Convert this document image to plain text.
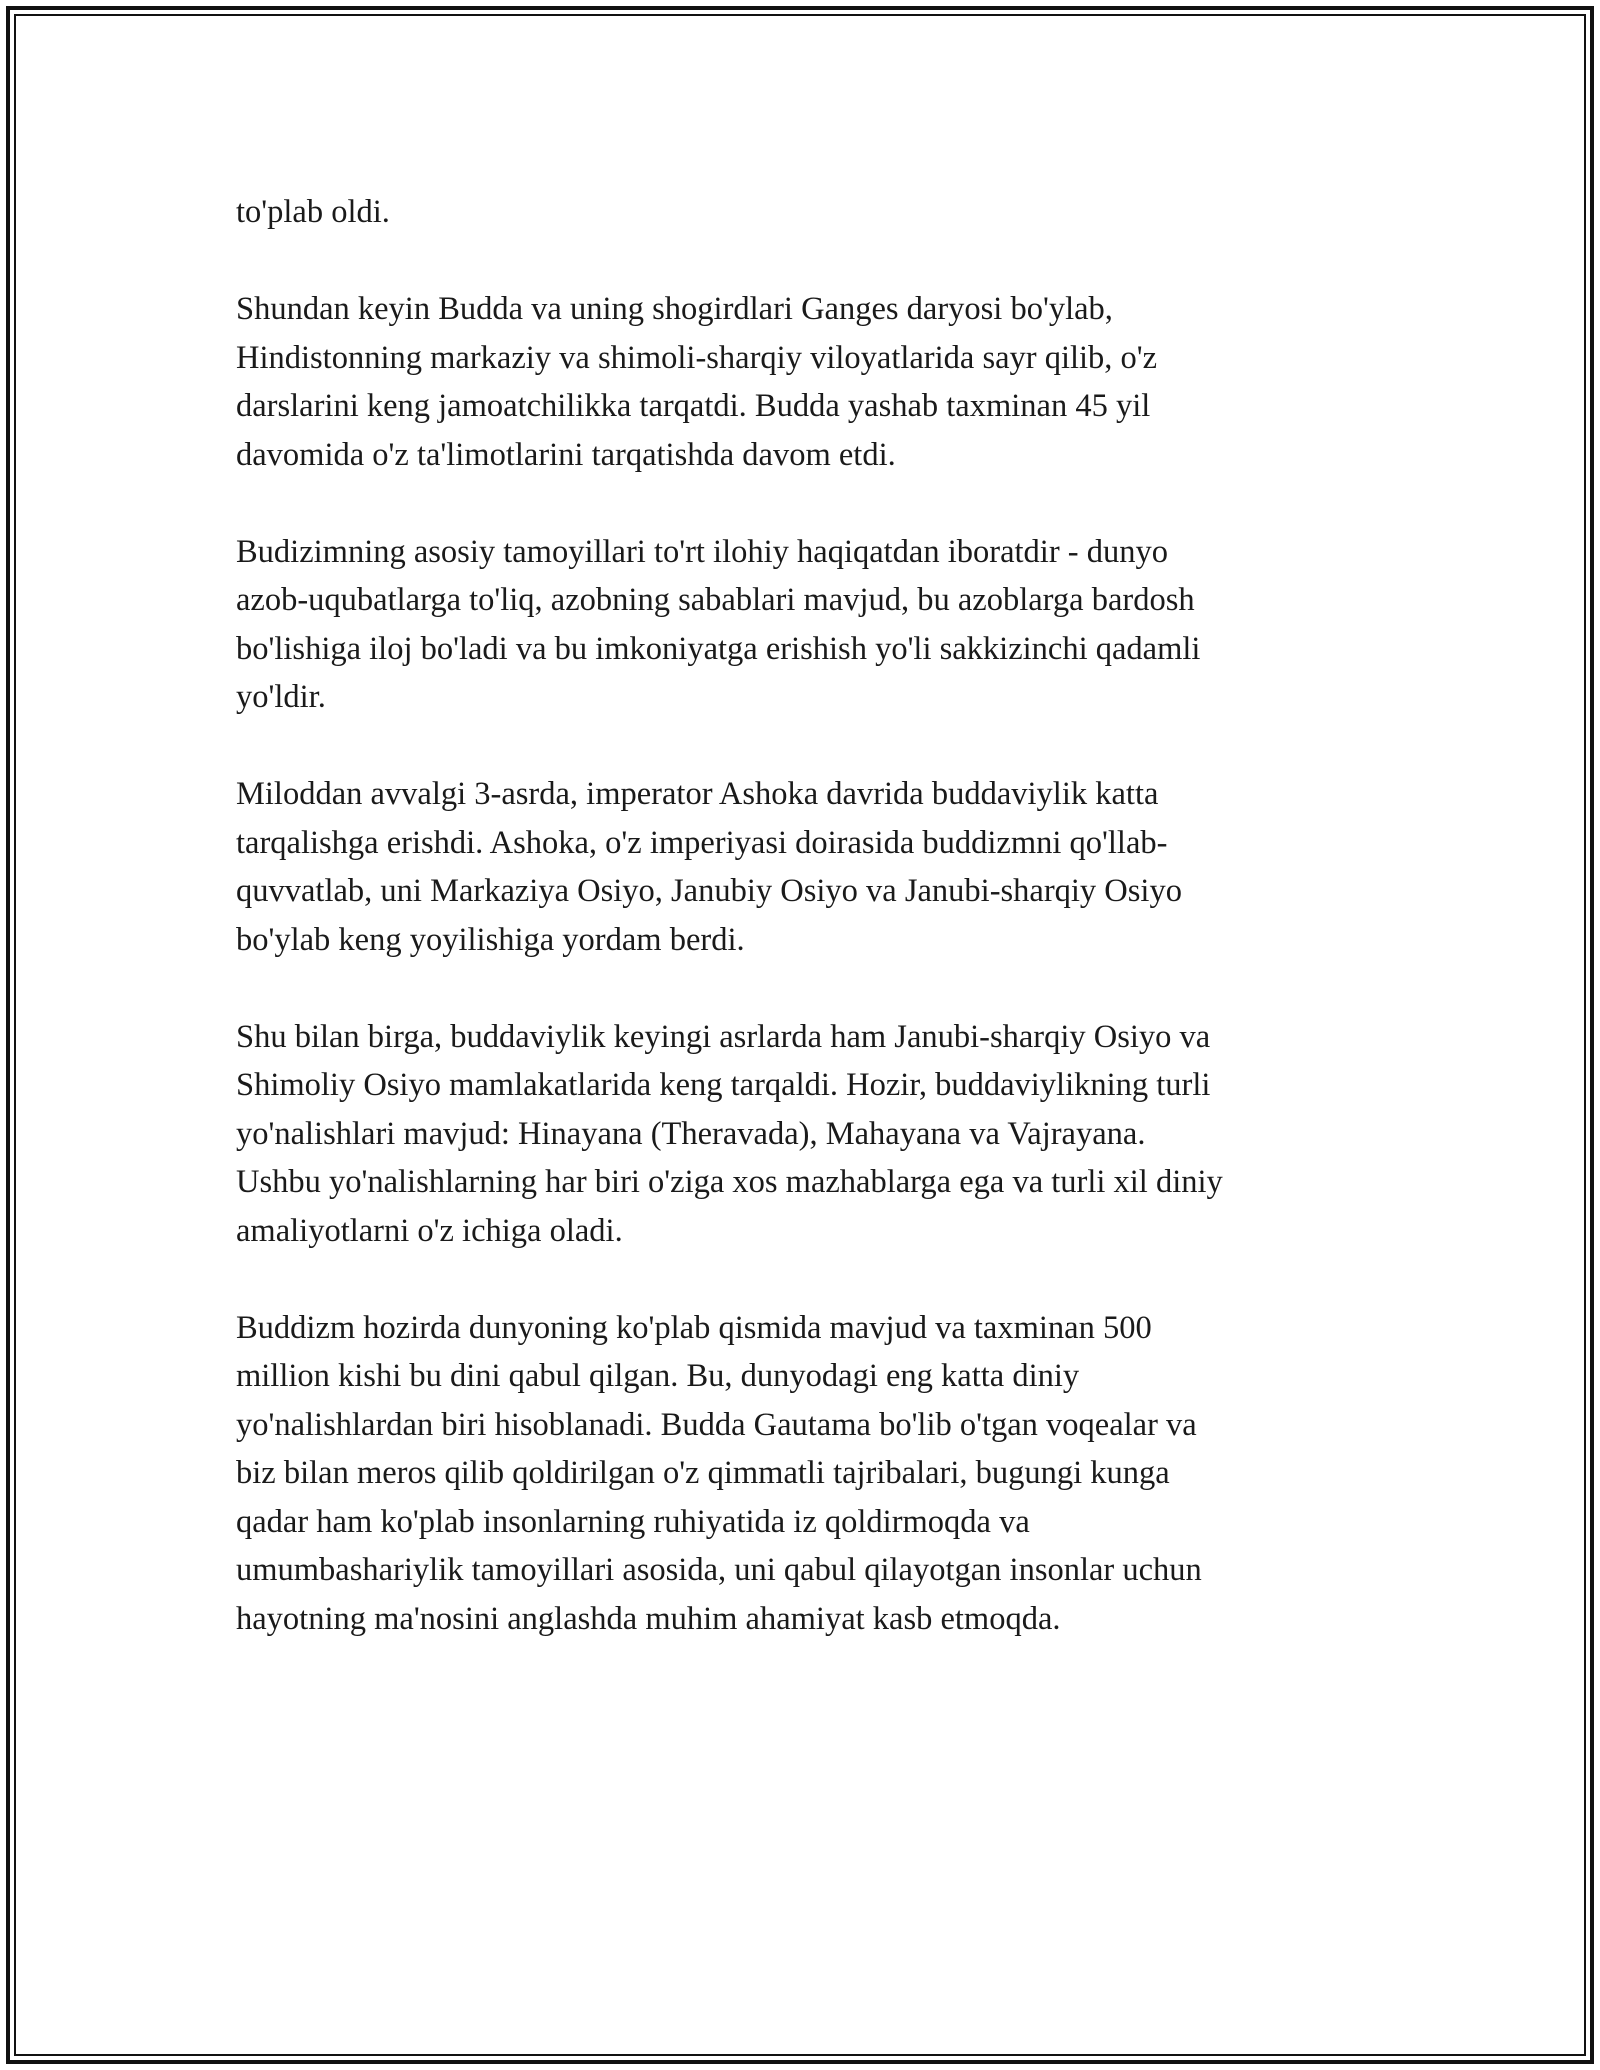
to'plab oldi.

Shundan keyin Budda va uning shogirdlari Ganges daryosi bo'ylab,
Hindistonning markaziy va shimoli-sharqiy viloyatlarida sayr qilib, o'z
darslarini keng jamoatchilikka tarqatdi. Budda yashab taxminan 45 yil
davomida o'z ta'limotlarini tarqatishda davom etdi.

Budizimning asosiy tamoyillari to'rt ilohiy haqiqatdan iboratdir - dunyo
azob-uqubatlarga to'liq, azobning sabablari mavjud, bu azoblarga bardosh
bo'lishiga iloj bo'ladi va bu imkoniyatga erishish yo'li sakkizinchi qadamli
yo'ldir.

Miloddan avvalgi 3-asrda, imperator Ashoka davrida buddaviylik katta
tarqalishga erishdi. Ashoka, o'z imperiyasi doirasida buddizmni qo'llab-
quvvatlab, uni Markaziya Osiyo, Janubiy Osiyo va Janubi-sharqiy Osiyo
bo'ylab keng yoyilishiga yordam berdi.

Shu bilan birga, buddaviylik keyingi asrlarda ham Janubi-sharqiy Osiyo va
Shimoliy Osiyo mamlakatlarida keng tarqaldi. Hozir, buddaviylikning turli
yo'nalishlari mavjud: Hinayana (Theravada), Mahayana va Vajrayana.
Ushbu yo'nalishlarning har biri o'ziga xos mazhablarga ega va turli xil diniy
amaliyotlarni o'z ichiga oladi.

Buddizm hozirda dunyoning ko'plab qismida mavjud va taxminan 500
million kishi bu dini qabul qilgan. Bu, dunyodagi eng katta diniy
yo'nalishlardan biri hisoblanadi. Budda Gautama bo'lib o'tgan voqealar va
biz bilan meros qilib qoldirilgan o'z qimmatli tajribalari, bugungi kunga
qadar ham ko'plab insonlarning ruhiyatida iz qoldirmoqda va
umumbashariylik tamoyillari asosida, uni qabul qilayotgan insonlar uchun
hayotning ma'nosini anglashda muhim ahamiyat kasb etmoqda.
